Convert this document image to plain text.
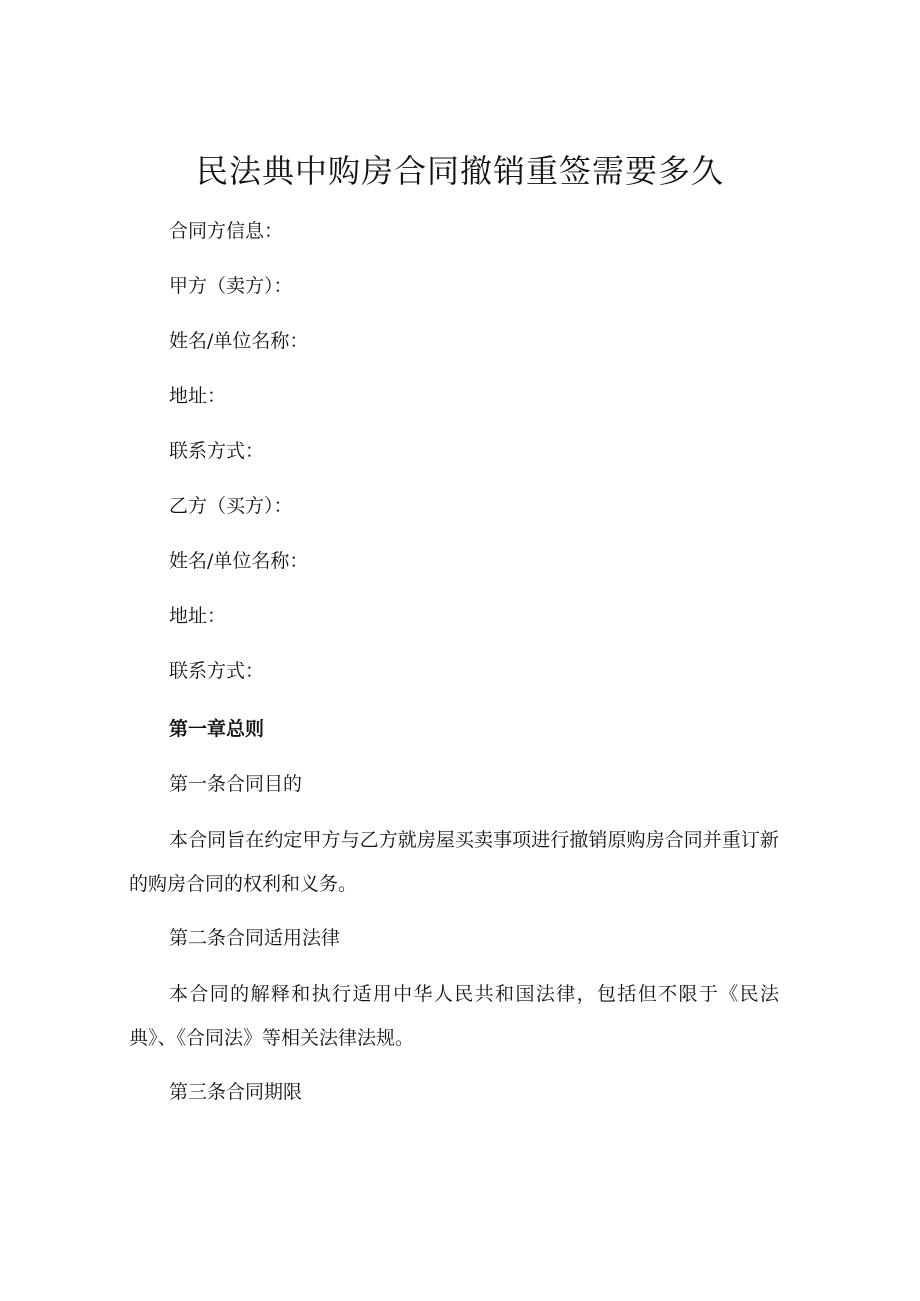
民法典中购房合同撤销重签需要多久

合同方信息：

甲方（卖方）：

姓名/单位名称：

地址：

联系方式：

乙方（买方）：

姓名/单位名称：

地址：

联系方式：

第一章总则

第一条合同目的

本合同旨在约定甲方与乙方就房屋买卖事项进行撤销原购房合同并重订新的购房合同的权利和义务。

第二条合同适用法律

本合同的解释和执行适用中华人民共和国法律，包括但不限于《民法典》、《合同法》等相关法律法规。

第三条合同期限
